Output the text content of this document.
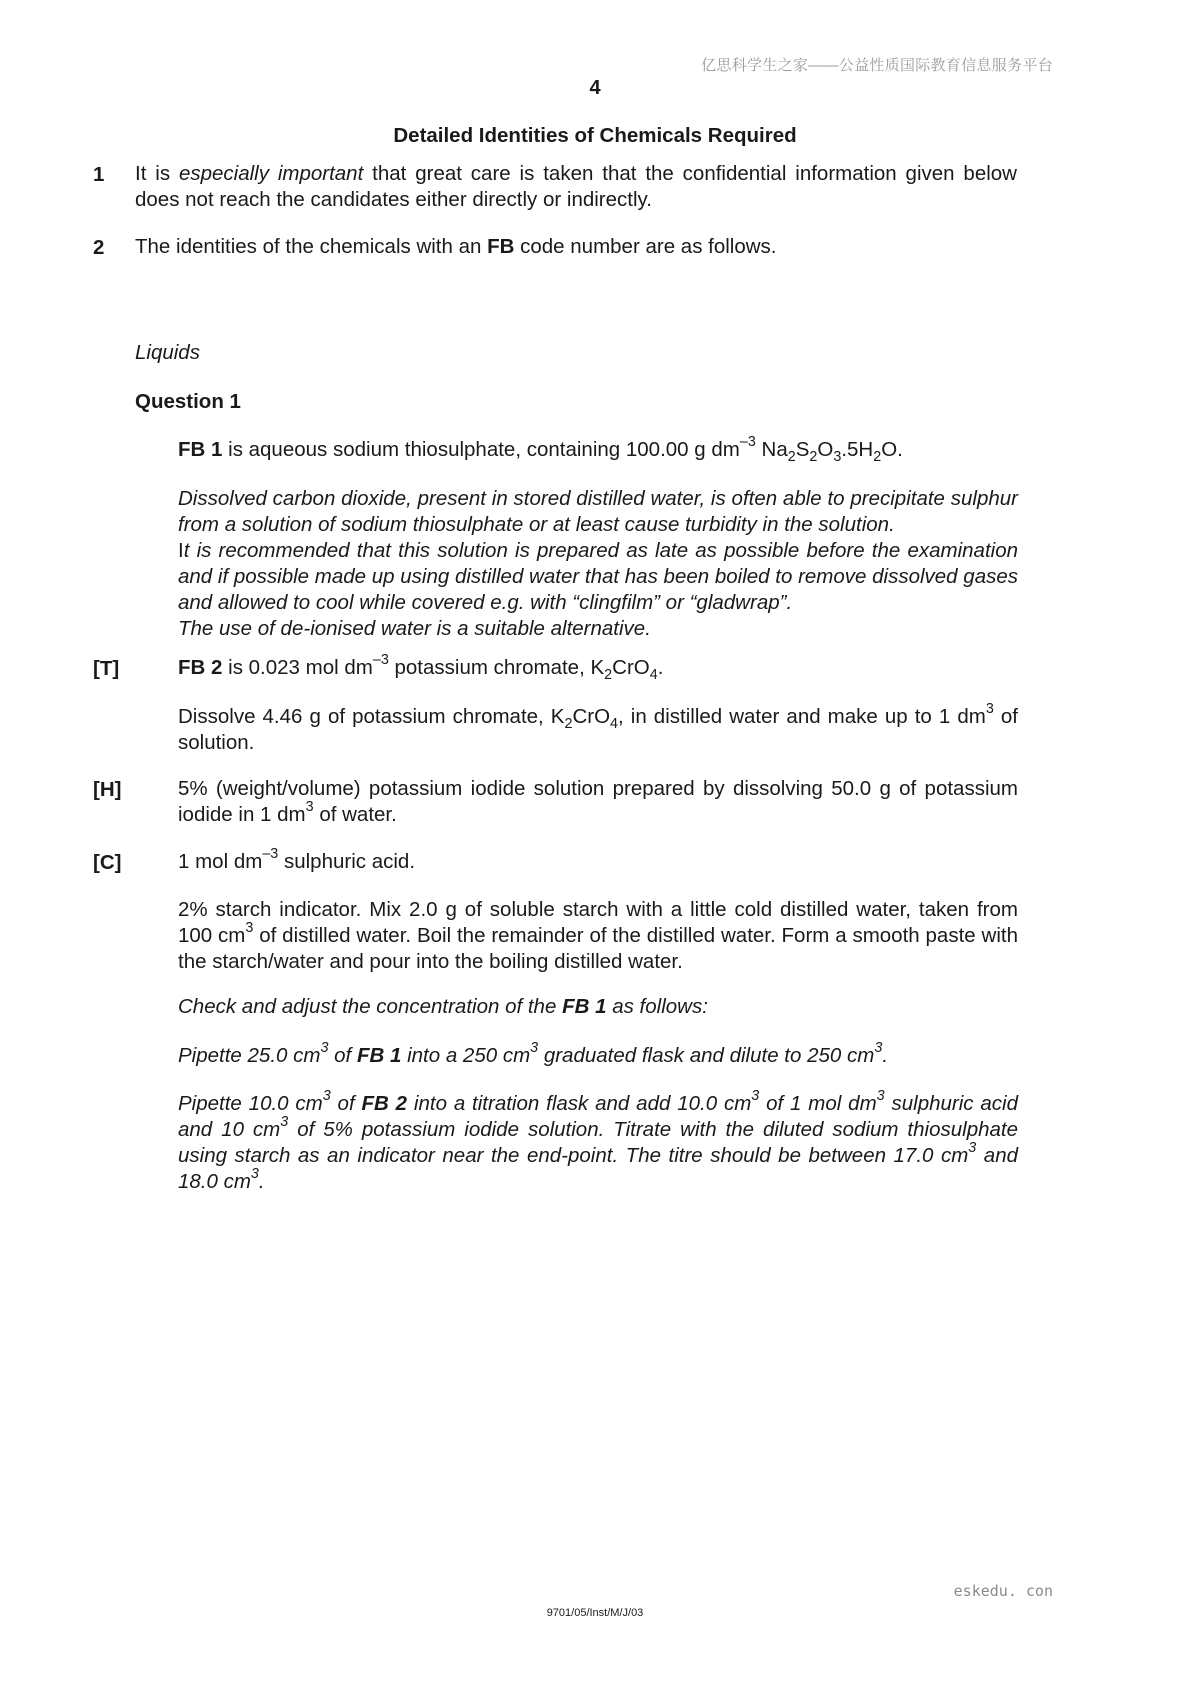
亿思科学生之家——公益性质国际教育信息服务平台
4
Detailed Identities of Chemicals Required
1 It is especially important that great care is taken that the confidential information given below does not reach the candidates either directly or indirectly.
2 The identities of the chemicals with an FB code number are as follows.
Liquids
Question 1
FB 1 is aqueous sodium thiosulphate, containing 100.00 g $dm^{-3}$ $Na_2S_2O_3.5H_2O$.
Dissolved carbon dioxide, present in stored distilled water, is often able to precipitate sulphur from a solution of sodium thiosulphate or at least cause turbidity in the solution.
It is recommended that this solution is prepared as late as possible before the examination and if possible made up using distilled water that has been boiled to remove dissolved gases and allowed to cool while covered e.g. with “clingfilm” or “gladwrap”.
The use of de-ionised water is a suitable alternative.
[T]	FB 2 is 0.023 mol $dm^{-3}$ potassium chromate, $K_2CrO_4$.
Dissolve 4.46 g of potassium chromate, $K_2CrO_4$, in distilled water and make up to 1 $dm^3$ of solution.
[H]	5% (weight/volume) potassium iodide solution prepared by dissolving 50.0 g of potassium iodide in 1 $dm^3$ of water.
[C]	1 mol $dm^{-3}$ sulphuric acid.
2% starch indicator. Mix 2.0 g of soluble starch with a little cold distilled water, taken from 100 $cm^3$ of distilled water. Boil the remainder of the distilled water. Form a smooth paste with the starch/water and pour into the boiling distilled water.
Check and adjust the concentration of the FB 1 as follows:
Pipette 25.0 $cm^3$ of FB 1 into a 250 $cm^3$ graduated flask and dilute to 250 $cm^3$.
Pipette 10.0 $cm^3$ of FB 2 into a titration flask and add 10.0 $cm^3$ of 1 mol $dm^3$ sulphuric acid and 10 $cm^3$ of 5% potassium iodide solution. Titrate with the diluted sodium thiosulphate using starch as an indicator near the end-point. The titre should be between 17.0 $cm^3$ and 18.0 $cm^3$.
eskedu. con
9701/05/Inst/M/J/03
